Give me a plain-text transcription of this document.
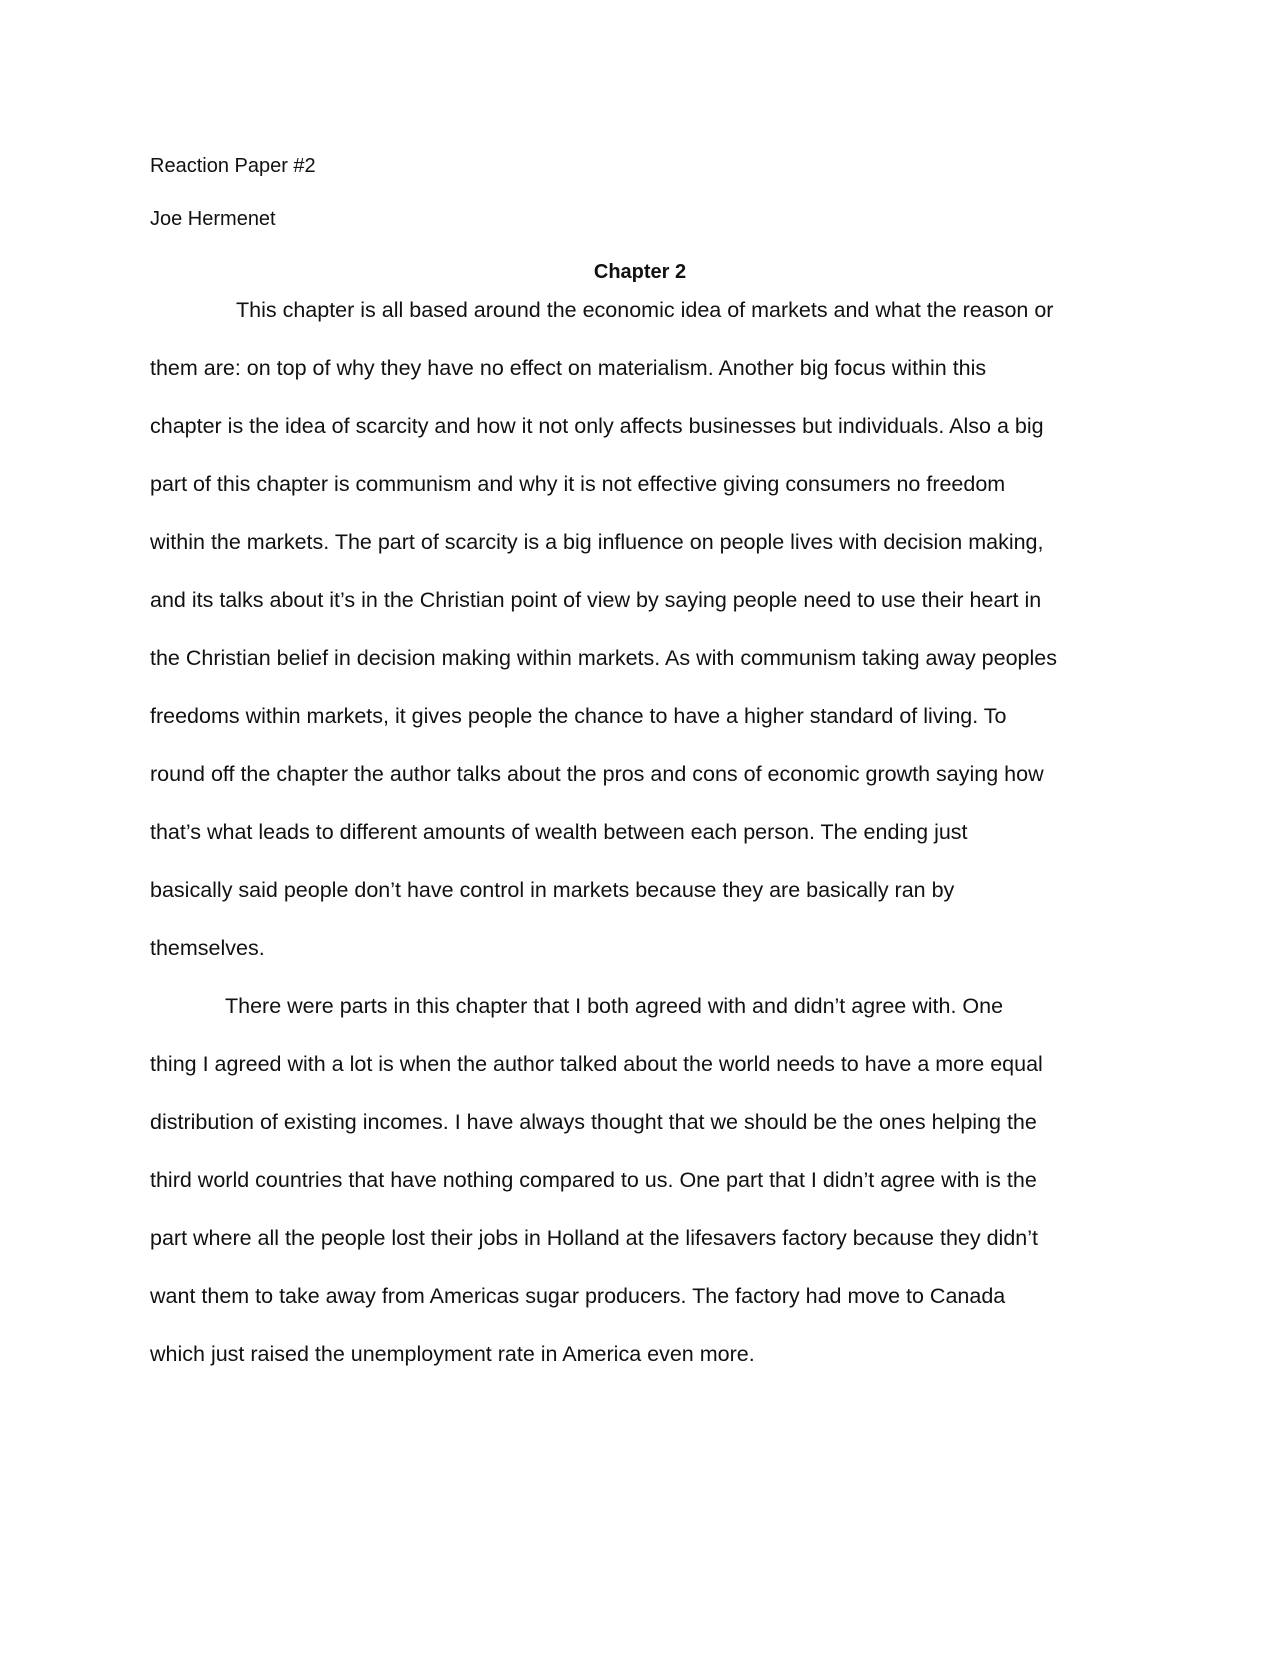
Reaction Paper #2
Joe Hermenet
Chapter 2
This chapter is all based around the economic idea of markets and what the reason or
them are: on top of why they have no effect on materialism. Another big focus within this
chapter is the idea of scarcity and how it not only affects businesses but individuals. Also a big
part of this chapter is communism and why it is not effective giving consumers no freedom
within the markets. The part of scarcity is a big influence on people lives with decision making,
and its talks about it’s in the Christian point of view by saying people need to use their heart in
the Christian belief in decision making within markets. As with communism taking away peoples
freedoms within markets, it gives people the chance to have a higher standard of living. To
round off the chapter the author talks about the pros and cons of economic growth saying how
that’s what leads to different amounts of wealth between each person. The ending just
basically said people don’t have control in markets because they are basically ran by
themselves.
There were parts in this chapter that I both agreed with and didn’t agree with. One
thing I agreed with a lot is when the author talked about the world needs to have a more equal
distribution of existing incomes. I have always thought that we should be the ones helping the
third world countries that have nothing compared to us. One part that I didn’t agree with is the
part where all the people lost their jobs in Holland at the lifesavers factory because they didn’t
want them to take away from Americas sugar producers. The factory had move to Canada
which just raised the unemployment rate in America even more.
